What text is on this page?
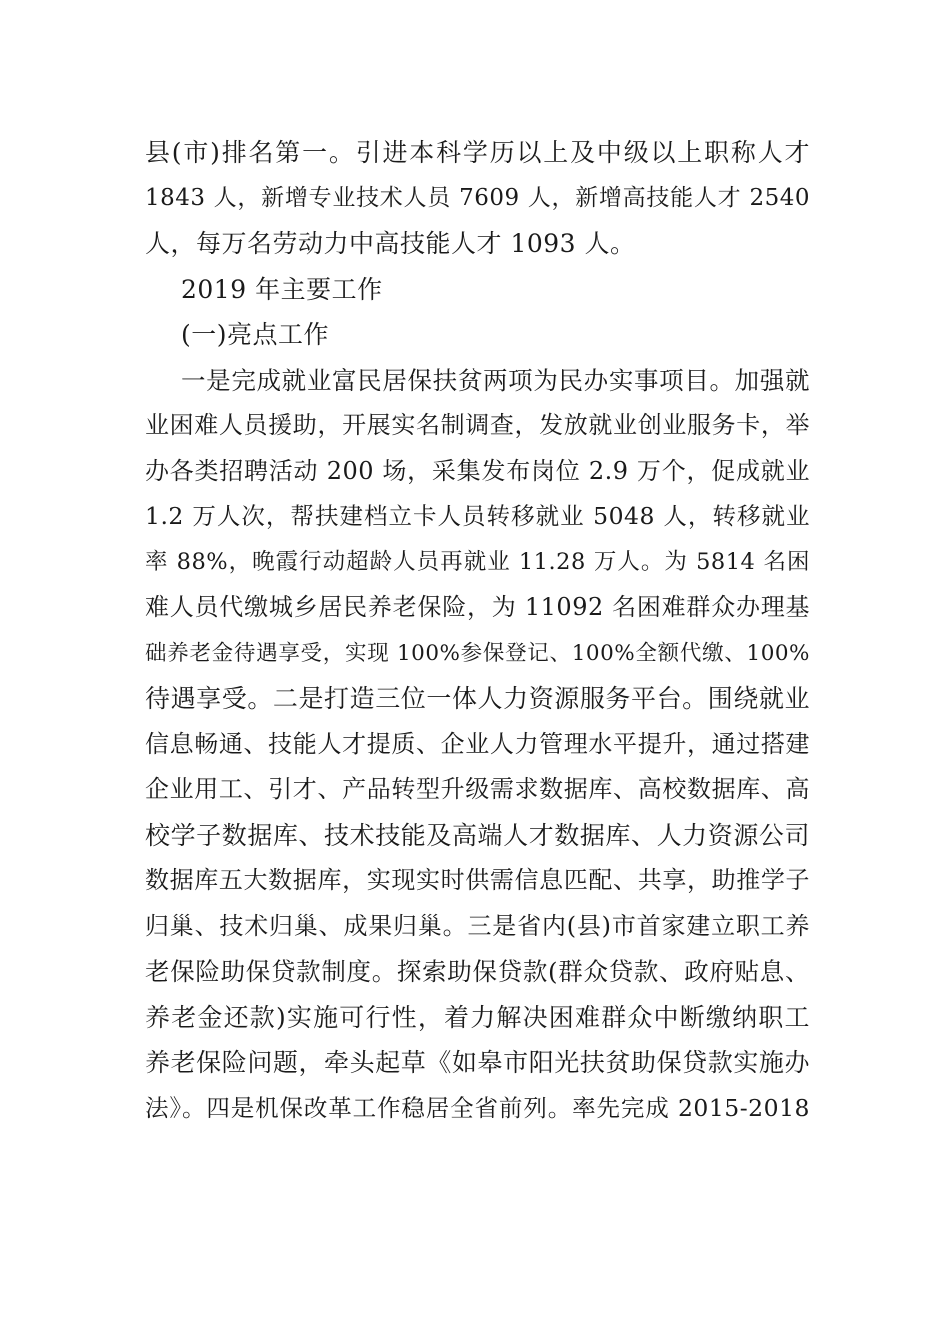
县(市)排名第一。引进本科学历以上及中级以上职称人才
1843 人，新增专业技术人员 7609 人，新增高技能人才 2540
人，每万名劳动力中高技能人才 1093 人。
2019 年主要工作
(一)亮点工作
一是完成就业富民居保扶贫两项为民办实事项目。加强就
业困难人员援助，开展实名制调查，发放就业创业服务卡，举
办各类招聘活动 200 场，采集发布岗位 2.9 万个，促成就业
1.2 万人次，帮扶建档立卡人员转移就业 5048 人，转移就业
率 88%，晚霞行动超龄人员再就业 11.28 万人。为 5814 名困
难人员代缴城乡居民养老保险，为 11092 名困难群众办理基
础养老金待遇享受，实现 100%参保登记、100%全额代缴、100%
待遇享受。二是打造三位一体人力资源服务平台。围绕就业
信息畅通、技能人才提质、企业人力管理水平提升，通过搭建
企业用工、引才、产品转型升级需求数据库、高校数据库、高
校学子数据库、技术技能及高端人才数据库、人力资源公司
数据库五大数据库，实现实时供需信息匹配、共享，助推学子
归巢、技术归巢、成果归巢。三是省内(县)市首家建立职工养
老保险助保贷款制度。探索助保贷款(群众贷款、政府贴息、
养老金还款)实施可行性，着力解决困难群众中断缴纳职工
养老保险问题，牵头起草《如皋市阳光扶贫助保贷款实施办
法》。四是机保改革工作稳居全省前列。率先完成 2015-2018
